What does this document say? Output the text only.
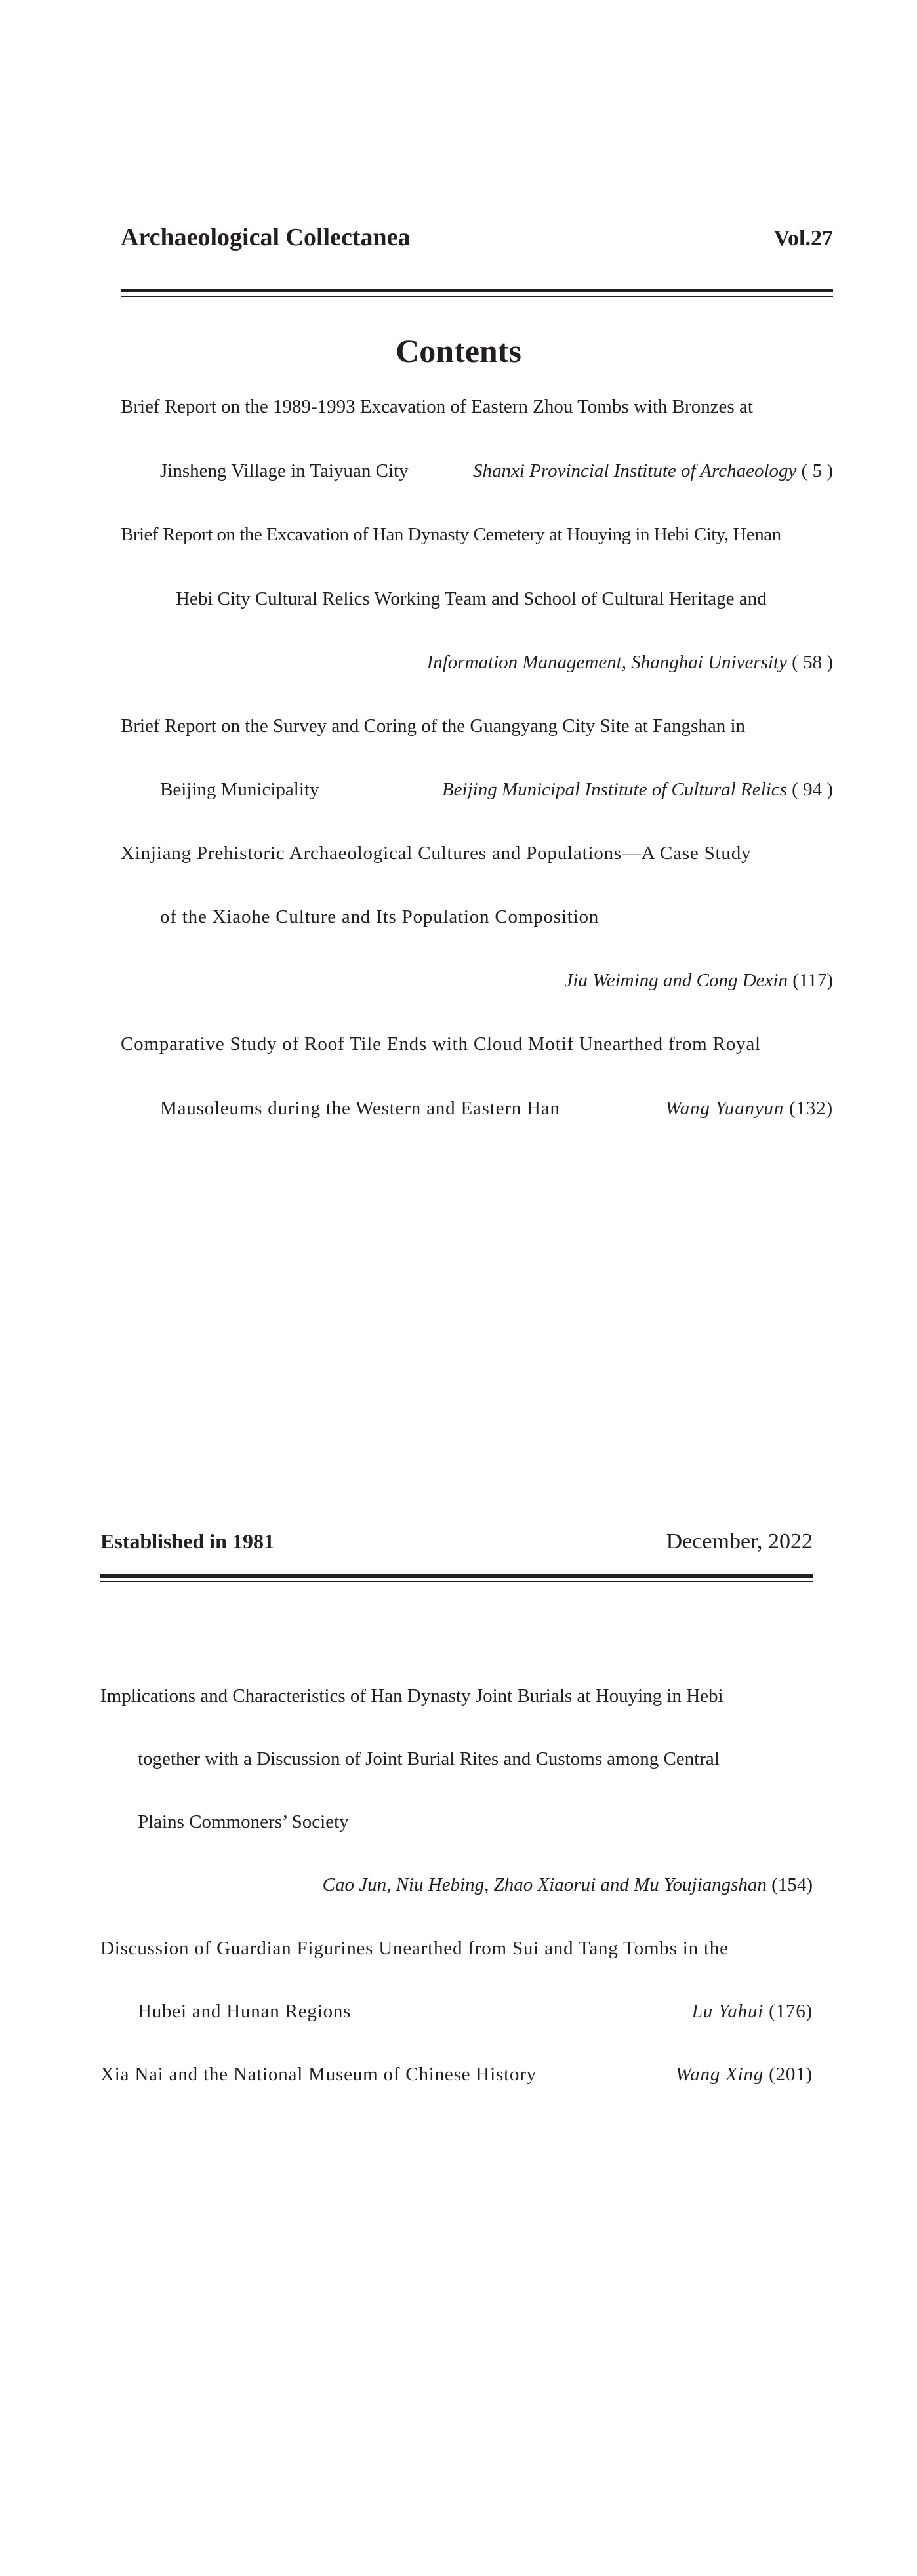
Archaeological Collectanea	Vol.27
Contents
Brief Report on the 1989-1993 Excavation of Eastern Zhou Tombs with Bronzes at
Jinsheng Village in Taiyuan City	Shanxi Provincial Institute of Archaeology ( 5 )
Brief Report on the Excavation of Han Dynasty Cemetery at Houying in Hebi City, Henan
Hebi City Cultural Relics Working Team and School of Cultural Heritage and
Information Management, Shanghai University ( 58 )
Brief Report on the Survey and Coring of the Guangyang City Site at Fangshan in
Beijing Municipality	Beijing Municipal Institute of Cultural Relics ( 94 )
Xinjiang Prehistoric Archaeological Cultures and Populations—A Case Study
of the Xiaohe Culture and Its Population Composition
Jia Weiming and Cong Dexin (117)
Comparative Study of Roof Tile Ends with Cloud Motif Unearthed from Royal
Mausoleums during the Western and Eastern Han	Wang Yuanyun (132)
Established in 1981	December, 2022
Implications and Characteristics of Han Dynasty Joint Burials at Houying in Hebi
together with a Discussion of Joint Burial Rites and Customs among Central
Plains Commoners’ Society
Cao Jun, Niu Hebing, Zhao Xiaorui and Mu Youjiangshan (154)
Discussion of Guardian Figurines Unearthed from Sui and Tang Tombs in the
Hubei and Hunan Regions	Lu Yahui (176)
Xia Nai and the National Museum of Chinese History	Wang Xing (201)
